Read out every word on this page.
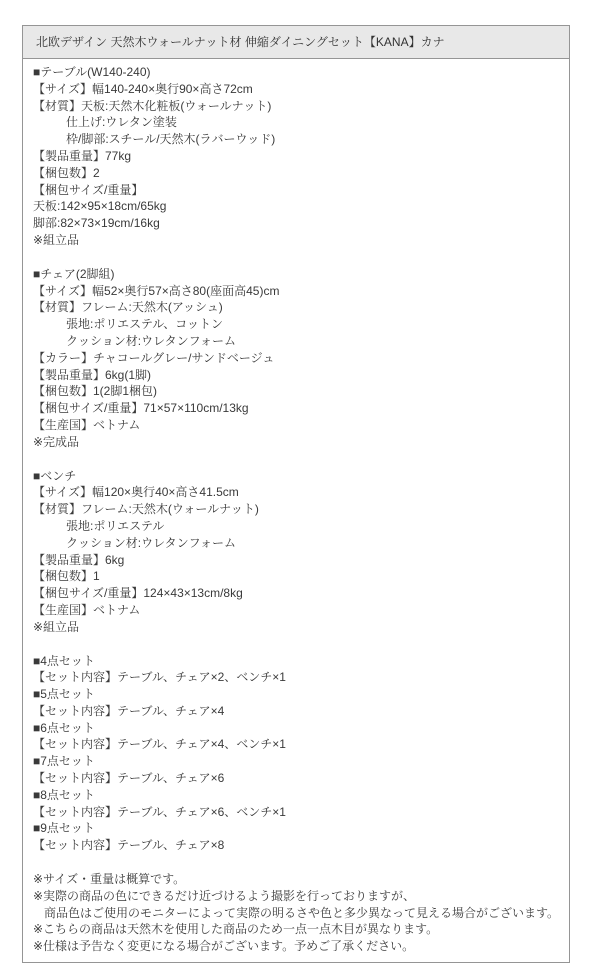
北欧デザイン 天然木ウォールナット材 伸縮ダイニングセット【KANA】カナ
■テーブル(W140-240)
【サイズ】幅140-240×奥行90×高さ72cm
【材質】天板:天然木化粧板(ウォールナット)
仕上げ:ウレタン塗装
枠/脚部:スチール/天然木(ラバーウッド)
【製品重量】77kg
【梱包数】2
【梱包サイズ/重量】
天板:142×95×18cm/65kg
脚部:82×73×19cm/16kg
※組立品
■チェア(2脚組)
【サイズ】幅52×奥行57×高さ80(座面高45)cm
【材質】フレーム:天然木(アッシュ)
張地:ポリエステル、コットン
クッション材:ウレタンフォーム
【カラー】チャコールグレー/サンドベージュ
【製品重量】6kg(1脚)
【梱包数】1(2脚1梱包)
【梱包サイズ/重量】71×57×110cm/13kg
【生産国】ベトナム
※完成品
■ベンチ
【サイズ】幅120×奥行40×高さ41.5cm
【材質】フレーム:天然木(ウォールナット)
張地:ポリエステル
クッション材:ウレタンフォーム
【製品重量】6kg
【梱包数】1
【梱包サイズ/重量】124×43×13cm/8kg
【生産国】ベトナム
※組立品
■4点セット
【セット内容】テーブル、チェア×2、ベンチ×1
■5点セット
【セット内容】テーブル、チェア×4
■6点セット
【セット内容】テーブル、チェア×4、ベンチ×1
■7点セット
【セット内容】テーブル、チェア×6
■8点セット
【セット内容】テーブル、チェア×6、ベンチ×1
■9点セット
【セット内容】テーブル、チェア×8
※サイズ・重量は概算です。
※実際の商品の色にできるだけ近づけるよう撮影を行っておりますが、
商品色はご使用のモニターによって実際の明るさや色と多少異なって見える場合がございます。
※こちらの商品は天然木を使用した商品のため一点一点木目が異なります。
※仕様は予告なく変更になる場合がございます。予めご了承ください。
